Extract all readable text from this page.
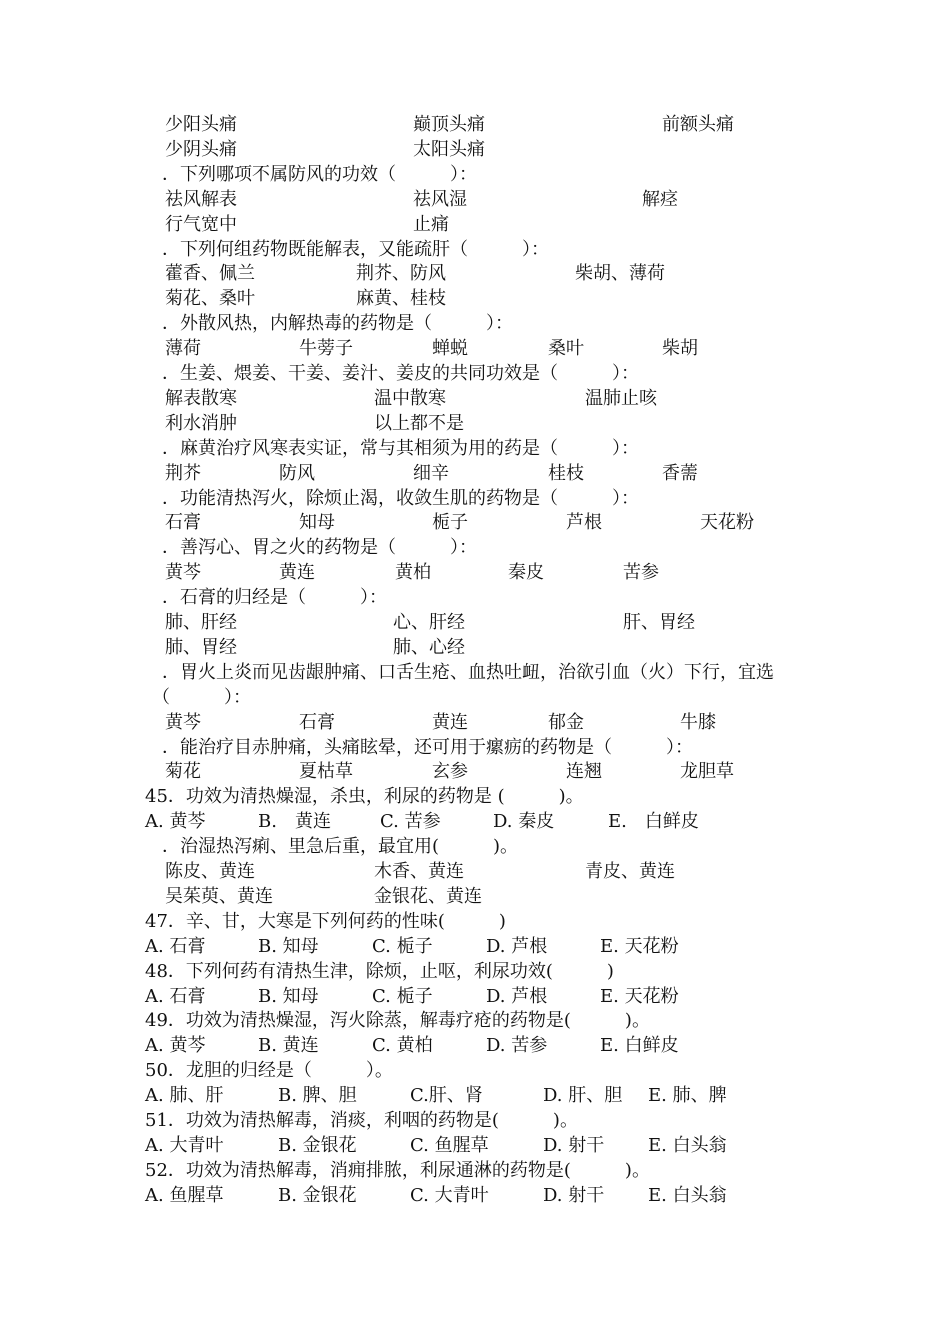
少阳头痛	巅顶头痛	前额头痛
少阴头痛	太阳头痛
．下列哪项不属防风的功效（　　　）：
祛风解表	祛风湿	解痉
行气宽中	止痛
．下列何组药物既能解表，又能疏肝（　　　）：
藿香、佩兰	荆芥、防风	柴胡、薄荷
菊花、桑叶	麻黄、桂枝
．外散风热，内解热毒的药物是（　　　）：
薄荷	牛蒡子	蝉蜕	桑叶	柴胡
．生姜、煨姜、干姜、姜汁、姜皮的共同功效是（　　　）：
解表散寒	温中散寒	温肺止咳
利水消肿	以上都不是
．麻黄治疗风寒表实证，常与其相须为用的药是（　　　）：
荆芥	防风	细辛	桂枝	香薷
．功能清热泻火，除烦止渴，收敛生肌的药物是（　　　）：
石膏	知母	栀子	芦根	天花粉
．善泻心、胃之火的药物是（　　　）：
黄芩	黄连	黄柏	秦皮	苦参
．石膏的归经是（　　　）：
肺、肝经	心、肝经	肝、胃经
肺、胃经	肺、心经
．胃火上炎而见齿龈肿痛、口舌生疮、血热吐衄，治欲引血（火）下行，宜选
（　　　）：
黄芩	石膏	黄连	郁金	牛膝
．能治疗目赤肿痛，头痛眩晕，还可用于瘰疬的药物是（　　　）：
菊花	夏枯草	玄参	连翘	龙胆草
45．功效为清热燥湿，杀虫，利尿的药物是 (　　　)。
A. 黄芩	B.　黄连	C. 苦参	D. 秦皮	E.　白鲜皮
．治湿热泻痢、里急后重，最宜用(　　　)。
陈皮、黄连	木香、黄连	青皮、黄连
吴茱萸、黄连	金银花、黄连
47．辛、甘，大寒是下列何药的性味(　　　)
A. 石膏	B. 知母	C. 栀子	D. 芦根	E. 天花粉
48．下列何药有清热生津，除烦，止呕，利尿功效(　　　)
A. 石膏	B. 知母	C. 栀子	D. 芦根	E. 天花粉
49．功效为清热燥湿，泻火除蒸，解毒疗疮的药物是(　　　)。
A. 黄芩	B. 黄连	C. 黄柏	D. 苦参	E. 白鲜皮
50．龙胆的归经是（　　　）。
A. 肺、肝	B. 脾、胆	C.肝、肾	D. 肝、胆 E. 肺、脾
51．功效为清热解毒，消痰，利咽的药物是(　　　)。
A. 大青叶	B. 金银花	C. 鱼腥草	D. 射干 E. 白头翁
52．功效为清热解毒，消痈排脓，利尿通淋的药物是(　　　)。
A. 鱼腥草	B. 金银花	C. 大青叶	D. 射干 E. 白头翁
